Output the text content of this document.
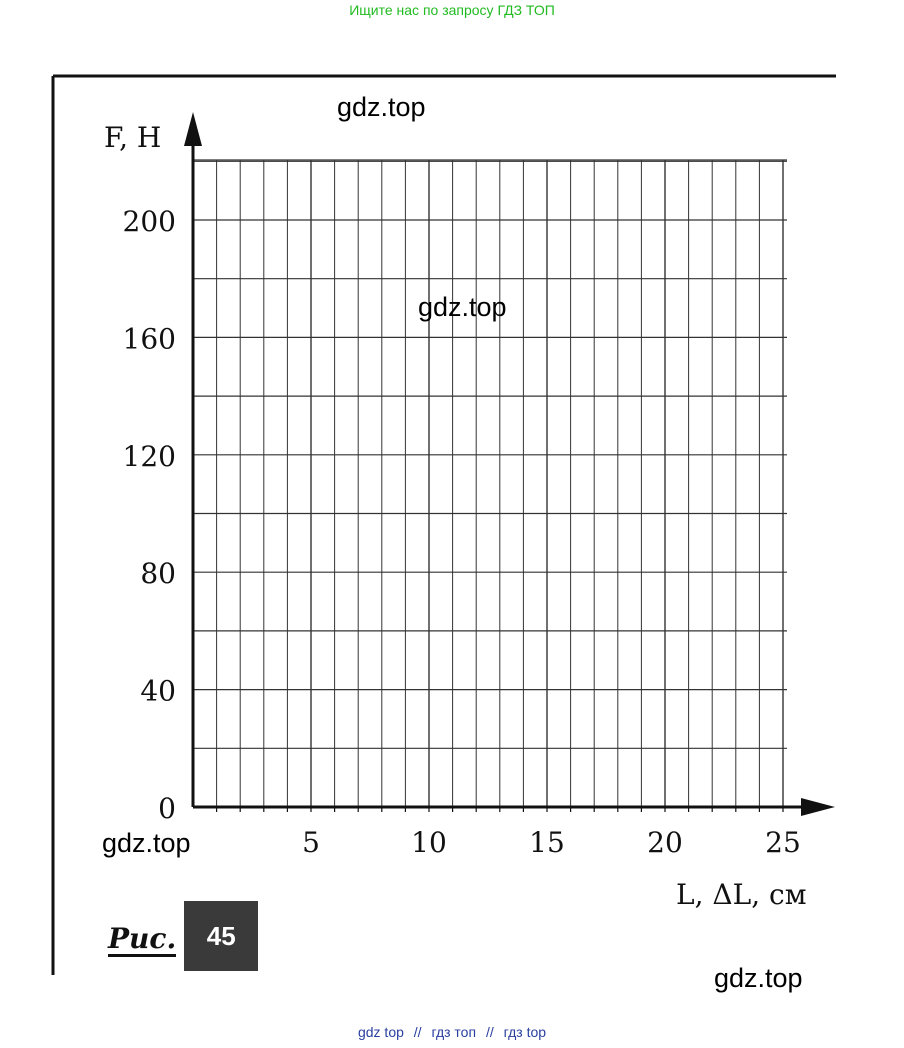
Ищите нас по запросу ГДЗ ТОП
0
40
80
120
160
200
5	10	15	20	25
F, Н
L, ΔL, см
gdz.top
gdz.top
gdz.top
gdz.top
Рис.	45
gdz top // гдз топ // гдз top
